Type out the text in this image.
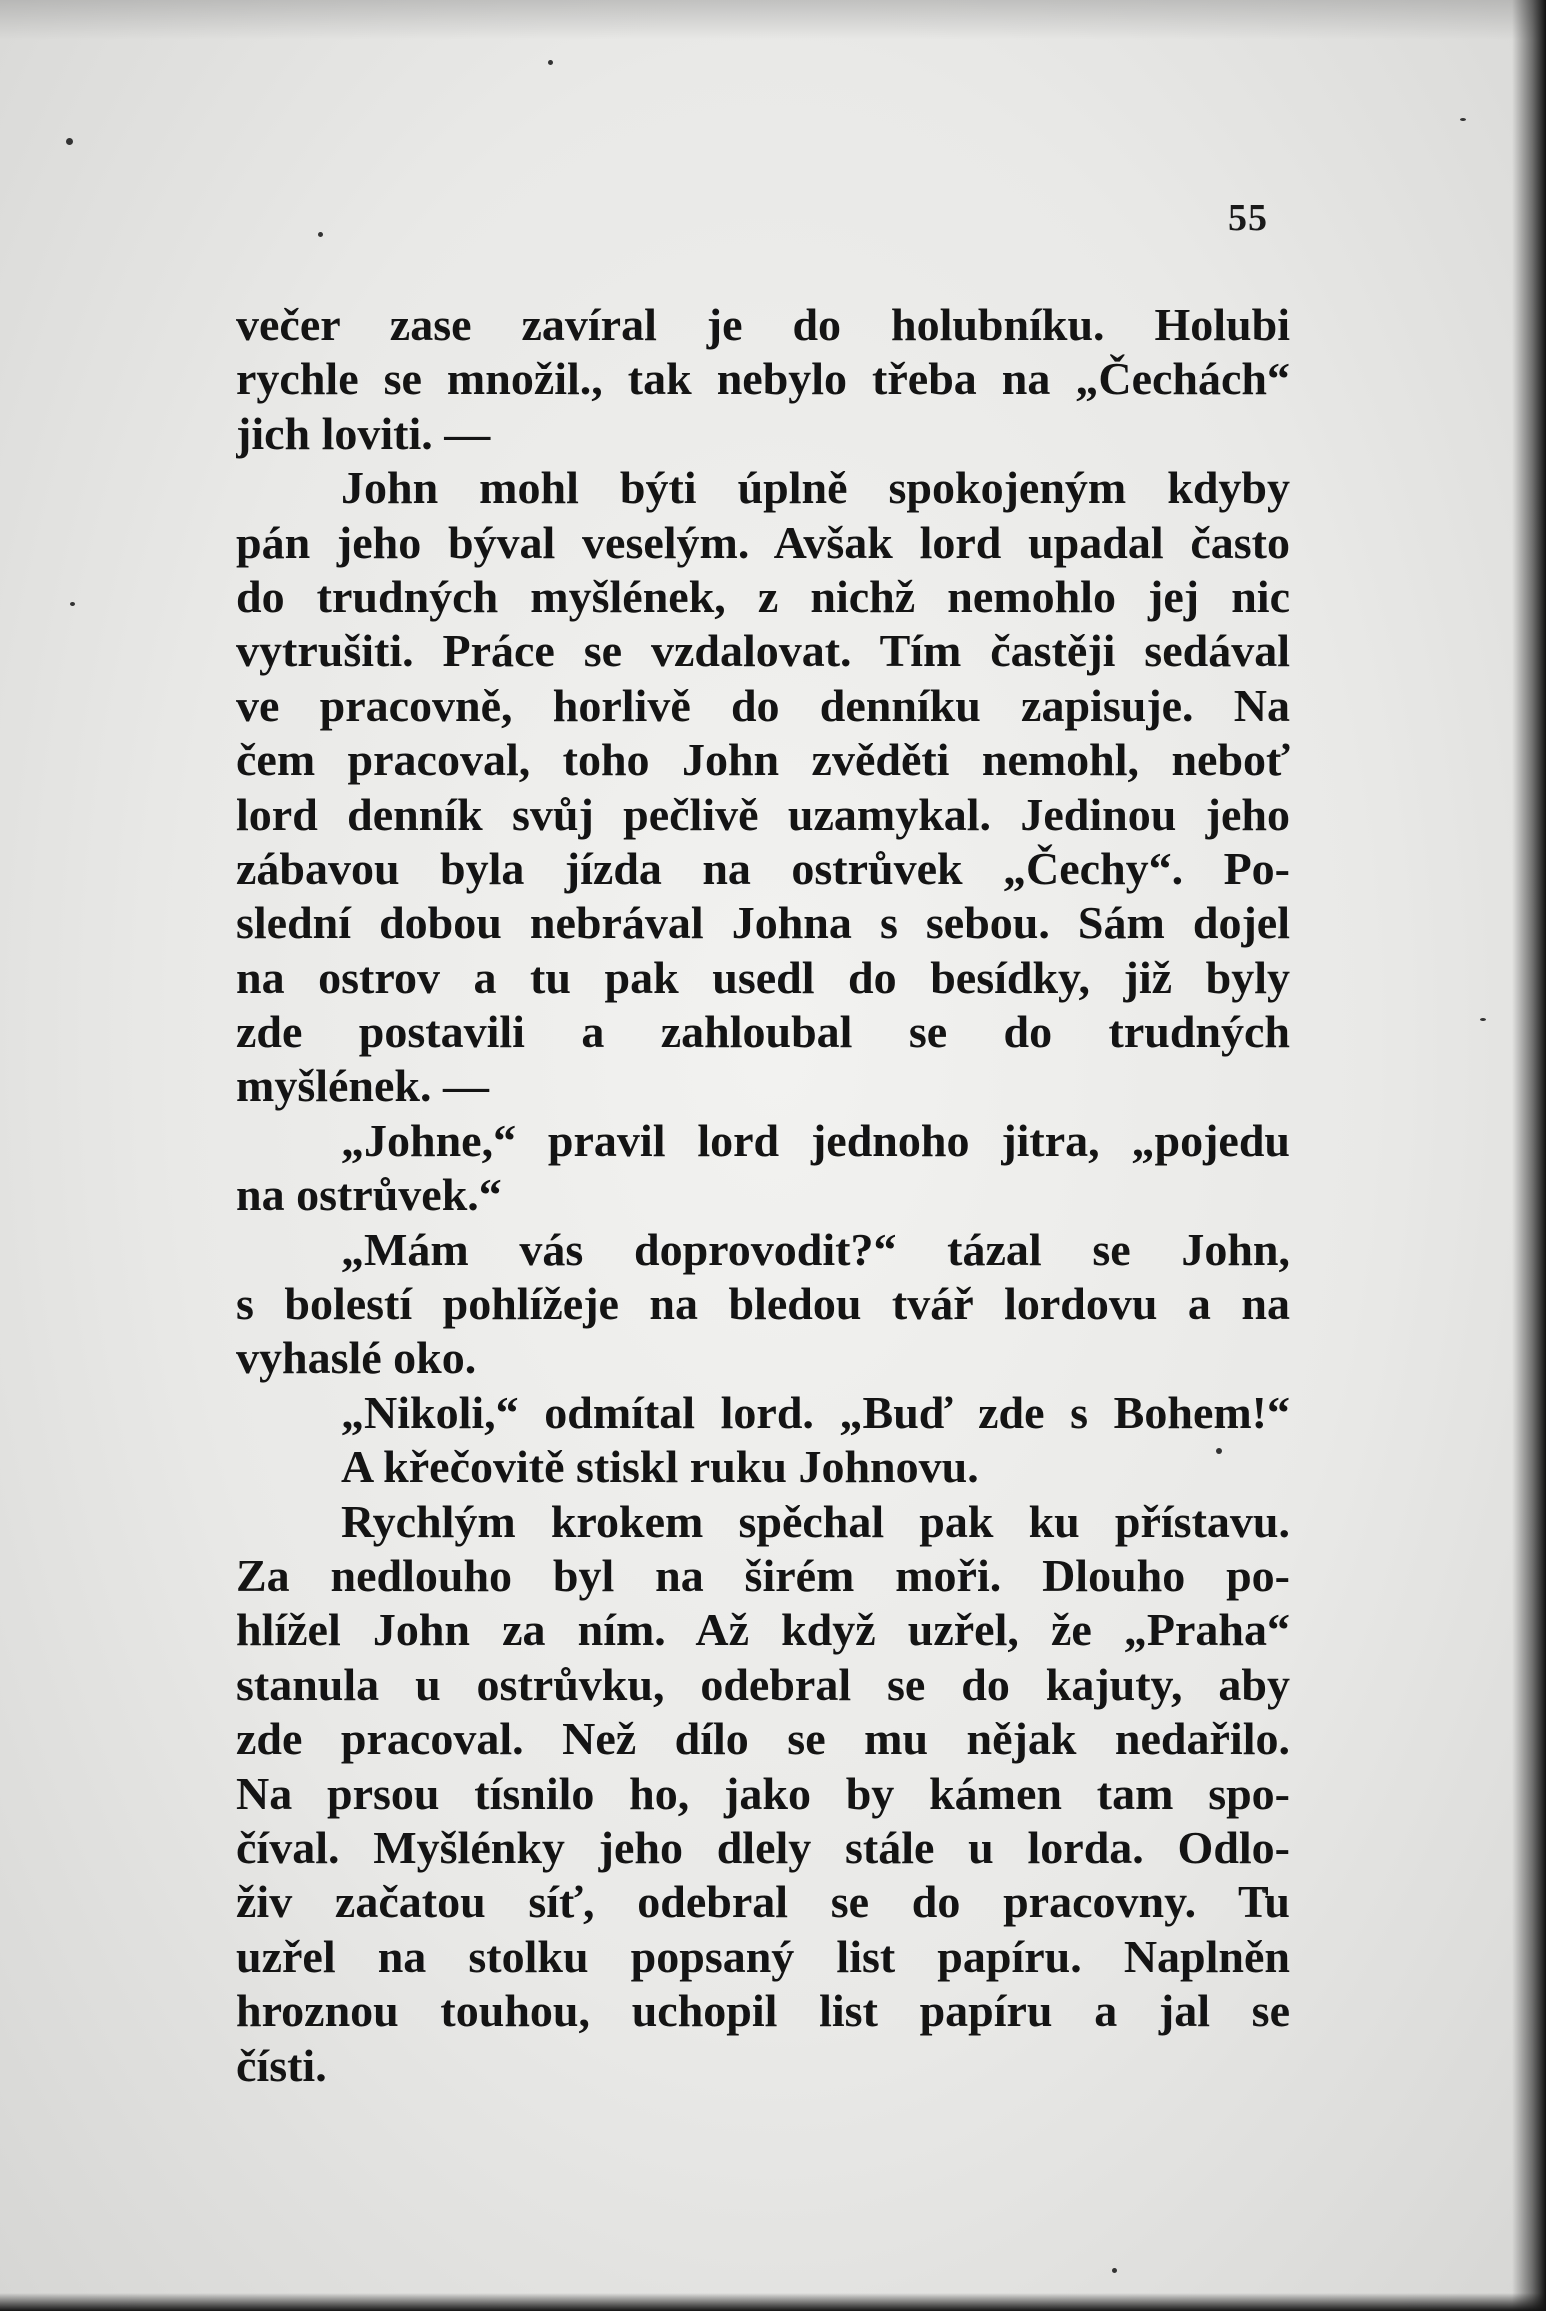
55
večer zase zavíral je do holubníku. Holubi
rychle se množil., tak nebylo třeba na „Čechách“
jich loviti. —
John mohl býti úplně spokojeným kdyby
pán jeho býval veselým. Avšak lord upadal často
do trudných myšlének, z nichž nemohlo jej nic
vytrušiti. Práce se vzdalovat. Tím častěji sedával
ve pracovně, horlivě do denníku zapisuje. Na
čem pracoval, toho John zvěděti nemohl, neboť
lord denník svůj pečlivě uzamykal. Jedinou jeho
zábavou byla jízda na ostrůvek „Čechy“. Po-
slední dobou nebrával Johna s sebou. Sám dojel
na ostrov a tu pak usedl do besídky, již byly
zde postavili a zahloubal se do trudných
myšlének. —
„Johne,“ pravil lord jednoho jitra, „pojedu
na ostrůvek.“
„Mám vás doprovodit?“ tázal se John,
s bolestí pohlížeje na bledou tvář lordovu a na
vyhaslé oko.
„Nikoli,“ odmítal lord. „Buď zde s Bohem!“
A křečovitě stiskl ruku Johnovu.
Rychlým krokem spěchal pak ku přístavu.
Za nedlouho byl na širém moři. Dlouho po-
hlížel John za ním. Až když uzřel, že „Praha“
stanula u ostrůvku, odebral se do kajuty, aby
zde pracoval. Než dílo se mu nějak nedařilo.
Na prsou tísnilo ho, jako by kámen tam spo-
číval. Myšlénky jeho dlely stále u lorda. Odlo-
živ začatou síť, odebral se do pracovny. Tu
uzřel na stolku popsaný list papíru. Naplněn
hroznou touhou, uchopil list papíru a jal se
čísti.
